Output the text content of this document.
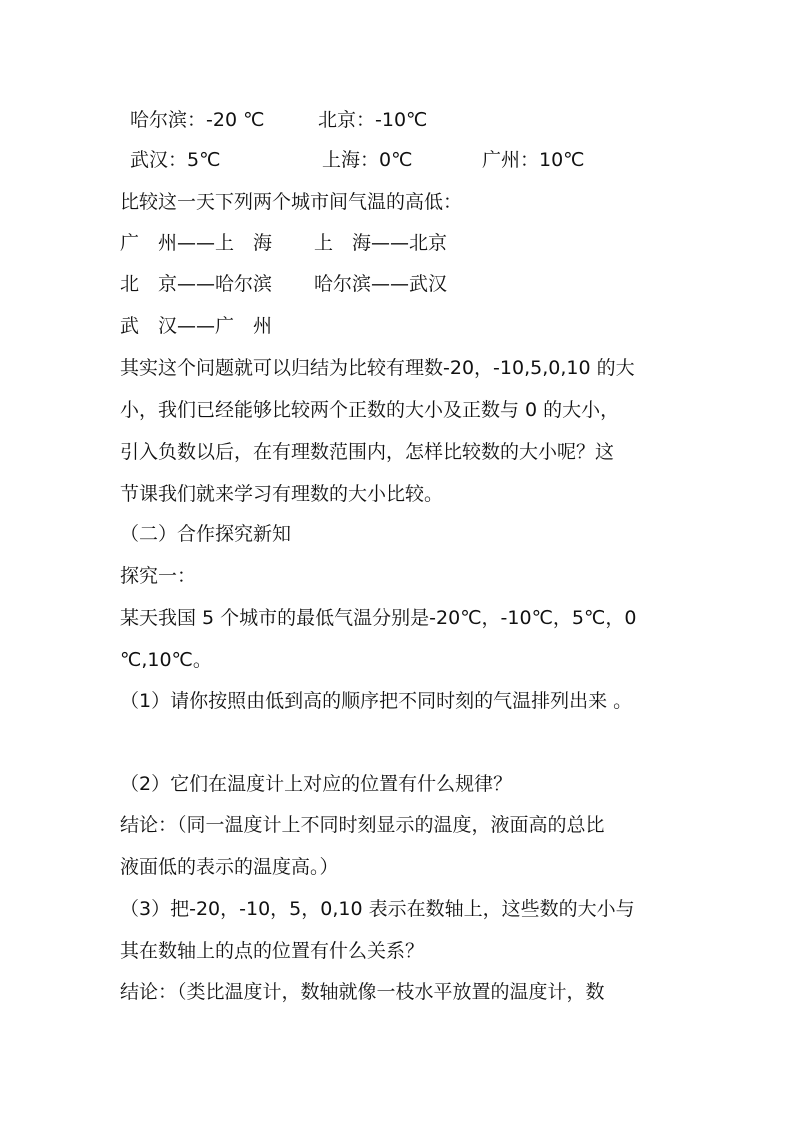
哈尔滨：-20 ℃	北京：-10℃
武汉：5℃	上海：0℃	广州：10℃
比较这一天下列两个城市间气温的高低：
广　州——上　海 上　海——北京
北　京——哈尔滨 哈尔滨——武汉
武　汉——广　州
其实这个问题就可以归结为比较有理数-20，-10,5,0,10 的大
小，我们已经能够比较两个正数的大小及正数与 0 的大小，
引入负数以后，在有理数范围内，怎样比较数的大小呢？这
节课我们就来学习有理数的大小比较。
（二）合作探究新知
探究一：
某天我国 5 个城市的最低气温分别是-20℃，-10℃，5℃，0
℃,10℃。
（1）请你按照由低到高的顺序把不同时刻的气温排列出来 。
（2）它们在温度计上对应的位置有什么规律？
结论：（同一温度计上不同时刻显示的温度，液面高的总比
液面低的表示的温度高。）
（3）把-20，-10，5，0,10 表示在数轴上，这些数的大小与
其在数轴上的点的位置有什么关系？
结论：（类比温度计，数轴就像一枝水平放置的温度计，数
